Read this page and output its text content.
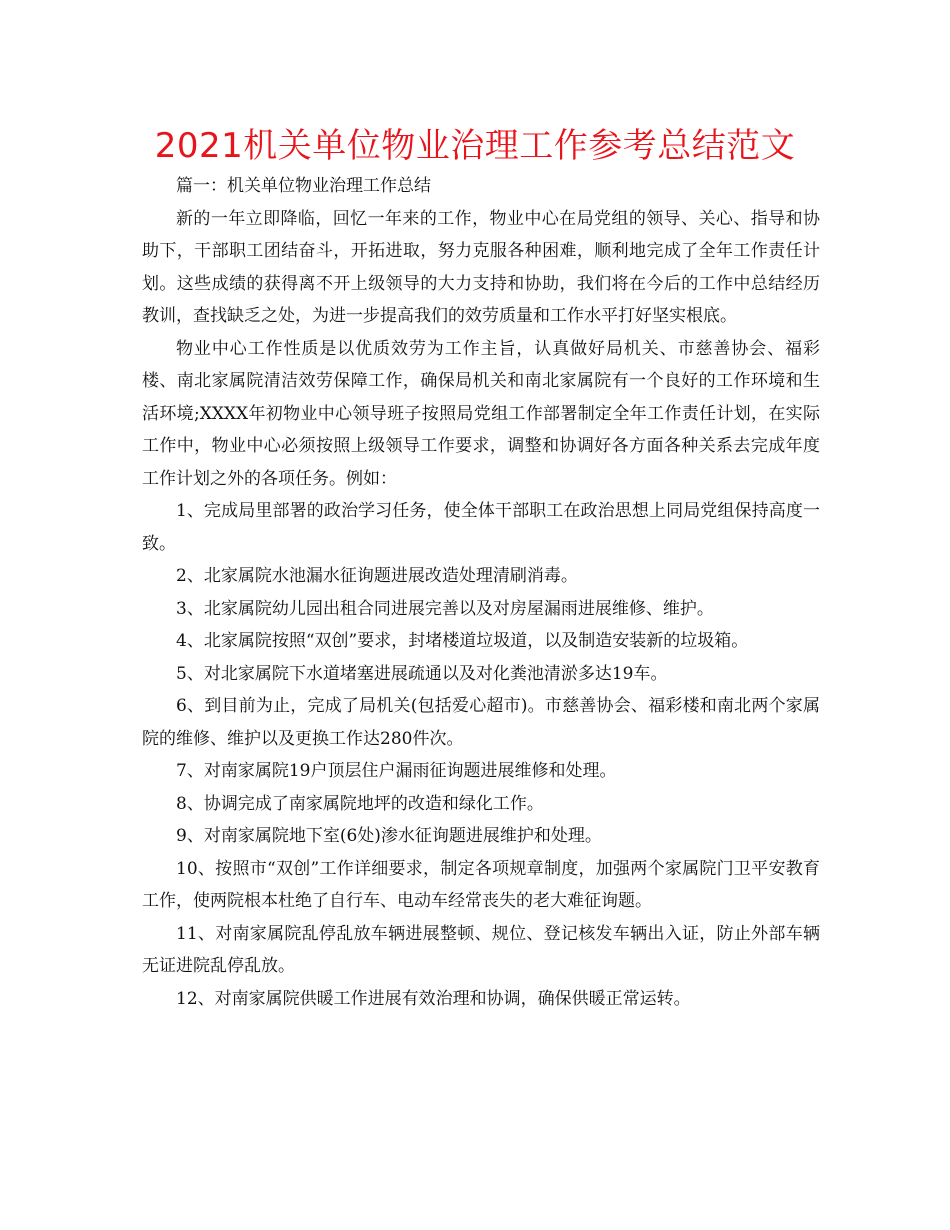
2021机关单位物业治理工作参考总结范文

篇一：机关单位物业治理工作总结

新的一年立即降临，回忆一年来的工作，物业中心在局党组的领导、关心、指导和协助下，干部职工团结奋斗，开拓进取，努力克服各种困难，顺利地完成了全年工作责任计划。这些成绩的获得离不开上级领导的大力支持和协助，我们将在今后的工作中总结经历教训，查找缺乏之处，为进一步提高我们的效劳质量和工作水平打好坚实根底。

物业中心工作性质是以优质效劳为工作主旨，认真做好局机关、市慈善协会、福彩楼、南北家属院清洁效劳保障工作，确保局机关和南北家属院有一个良好的工作环境和生活环境;XXXX年初物业中心领导班子按照局党组工作部署制定全年工作责任计划，在实际工作中，物业中心必须按照上级领导工作要求，调整和协调好各方面各种关系去完成年度工作计划之外的各项任务。例如：

1、完成局里部署的政治学习任务，使全体干部职工在政治思想上同局党组保持高度一致。

2、北家属院水池漏水征询题进展改造处理清刷消毒。

3、北家属院幼儿园出租合同进展完善以及对房屋漏雨进展维修、维护。

4、北家属院按照“双创”要求，封堵楼道垃圾道，以及制造安装新的垃圾箱。

5、对北家属院下水道堵塞进展疏通以及对化粪池清淤多达19车。

6、到目前为止，完成了局机关(包括爱心超市)。市慈善协会、福彩楼和南北两个家属院的维修、维护以及更换工作达280件次。

7、对南家属院19户顶层住户漏雨征询题进展维修和处理。

8、协调完成了南家属院地坪的改造和绿化工作。

9、对南家属院地下室(6处)渗水征询题进展维护和处理。

10、按照市“双创”工作详细要求，制定各项规章制度，加强两个家属院门卫平安教育工作，使两院根本杜绝了自行车、电动车经常丧失的老大难征询题。

11、对南家属院乱停乱放车辆进展整顿、规位、登记核发车辆出入证，防止外部车辆无证进院乱停乱放。

12、对南家属院供暖工作进展有效治理和协调，确保供暖正常运转。
